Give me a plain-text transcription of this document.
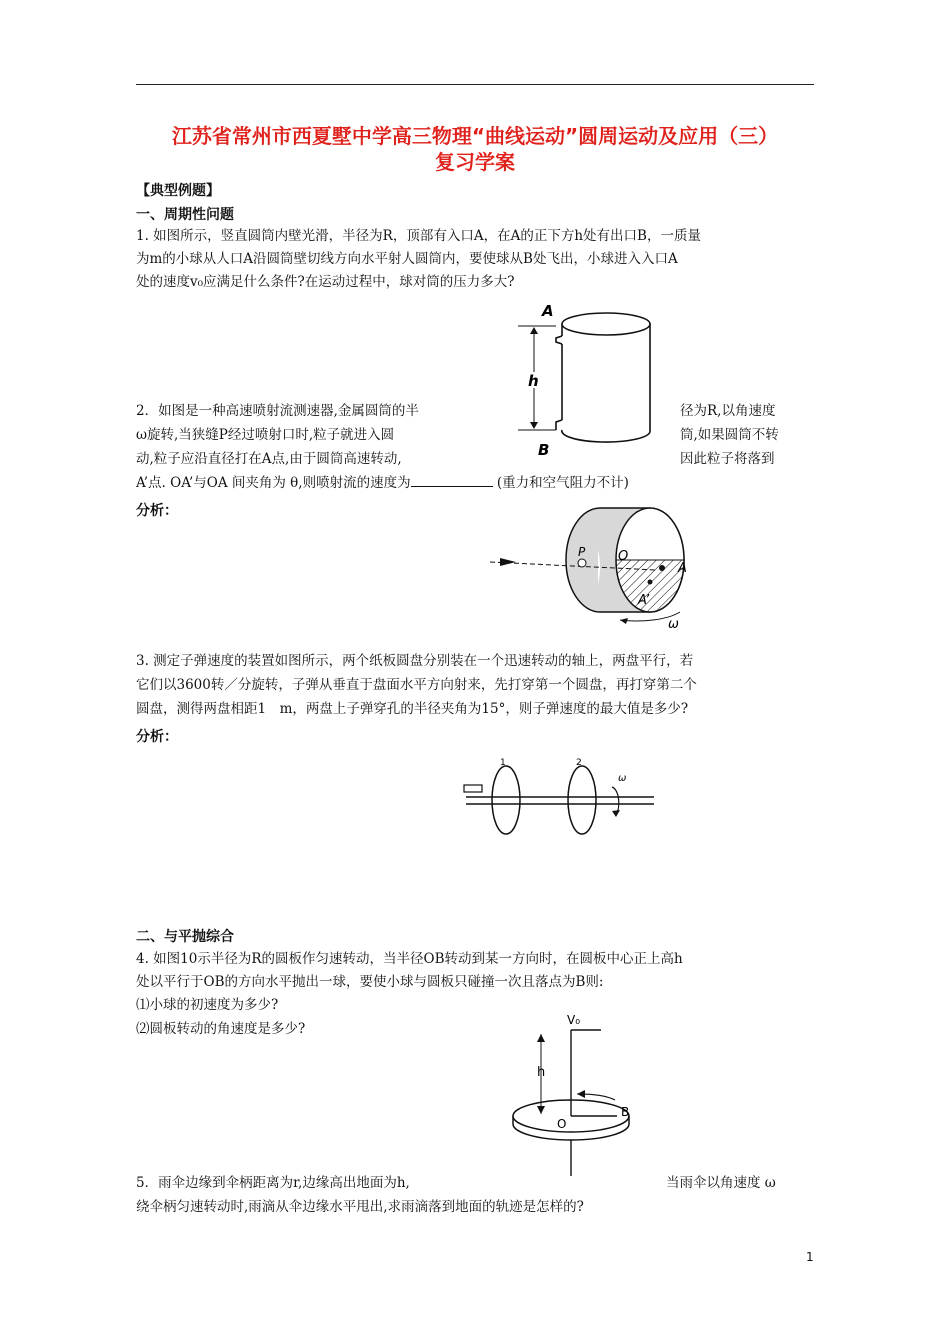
江苏省常州市西夏墅中学高三物理“曲线运动”圆周运动及应用（三）
复习学案
【典型例题】
一、周期性问题
1. 如图所示，竖直圆筒内壁光滑，半径为R，顶部有入口A，在A的正下方h处有出口B，一质量
为m的小球从人口A沿圆筒壁切线方向水平射人圆筒内，要使球从B处飞出，小球进入入口A
处的速度v₀应满足什么条件?在运动过程中，球对筒的压力多大?
A
h
B
2．如图是一种高速喷射流测速器,金属圆筒的半	径为R,以角速度
ω旋转,当狭缝P经过喷射口时,粒子就进入圆	筒,如果圆筒不转
动,粒子应沿直径打在A点,由于圆筒高速转动,	因此粒子将落到
A’点. OA’与OA 间夹角为 θ,则喷射流的速度为	(重力和空气阻力不计)
分析：
P	O
A
A’
ω
3. 测定子弹速度的装置如图所示，两个纸板圆盘分别装在一个迅速转动的轴上，两盘平行，若
它们以3600转／分旋转，子弹从垂直于盘面水平方向射来，先打穿第一个圆盘，再打穿第二个
圆盘，测得两盘相距1　m，两盘上子弹穿孔的半径夹角为15°，则子弹速度的最大值是多少?
分析：
1	2
ω
二、与平抛综合
4. 如图10示半径为R的圆板作匀速转动，当半径OB转动到某一方向时，在圆板中心正上高h
处以平行于OB的方向水平抛出一球，要使小球与圆板只碰撞一次且落点为B则:
⑴小球的初速度为多少?
⑵圆板转动的角速度是多少?
V₀
h
O
B
5．雨伞边缘到伞柄距离为r,边缘高出地面为h,	当雨伞以角速度 ω
绕伞柄匀速转动时,雨滴从伞边缘水平甩出,求雨滴落到地面的轨迹是怎样的?
1
